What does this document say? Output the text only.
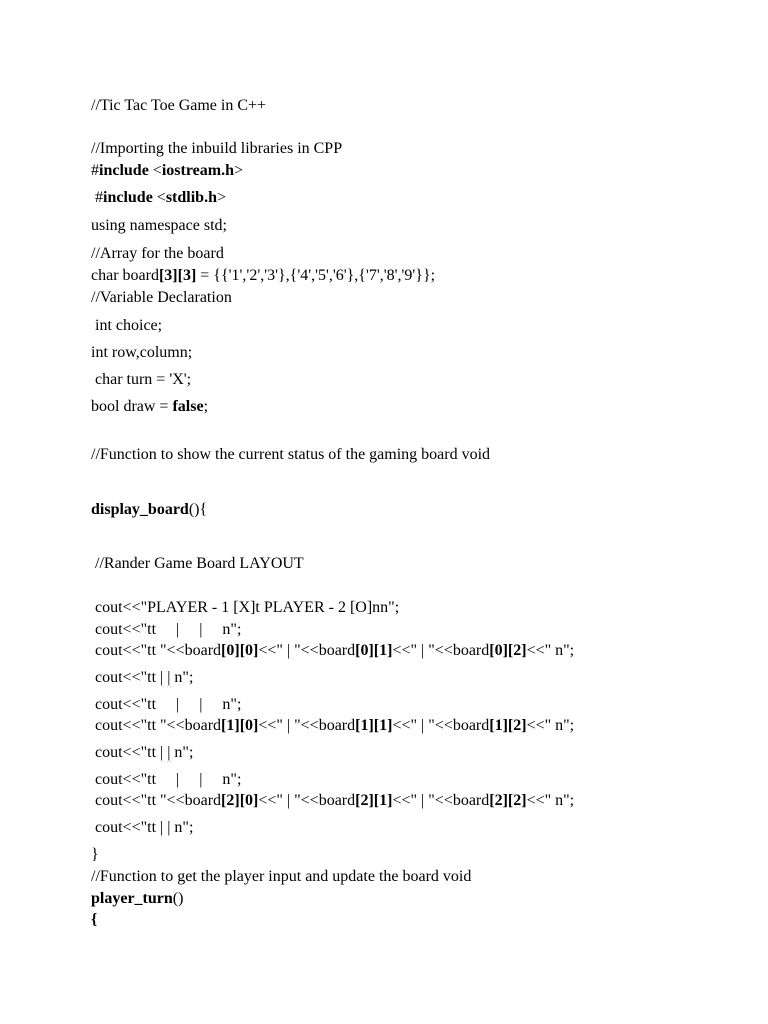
//Tic Tac Toe Game in C++

//Importing the inbuild libraries in CPP

#include <iostream.h>

#include <stdlib.h>

using namespace std;

//Array for the board

char board[3][3] = {{'1','2','3'},{'4','5','6'},{'7','8','9'}};

//Variable Declaration

int choice;

int row,column;

char turn = 'X';

bool draw = false;

//Function to show the current status of the gaming board void

display_board(){

//Rander Game Board LAYOUT

cout<<"PLAYER - 1 [X]t PLAYER - 2 [O]nn";

cout<<"tt     |     |     n";

cout<<"tt "<<board[0][0]<<" | "<<board[0][1]<<" | "<<board[0][2]<<" n";

cout<<"tt | | n";

cout<<"tt     |     |     n";

cout<<"tt "<<board[1][0]<<" | "<<board[1][1]<<" | "<<board[1][2]<<" n";

cout<<"tt | | n";

cout<<"tt     |     |     n";

cout<<"tt "<<board[2][0]<<" | "<<board[2][1]<<" | "<<board[2][2]<<" n";

cout<<"tt | | n";

}

//Function to get the player input and update the board void

player_turn()

{
